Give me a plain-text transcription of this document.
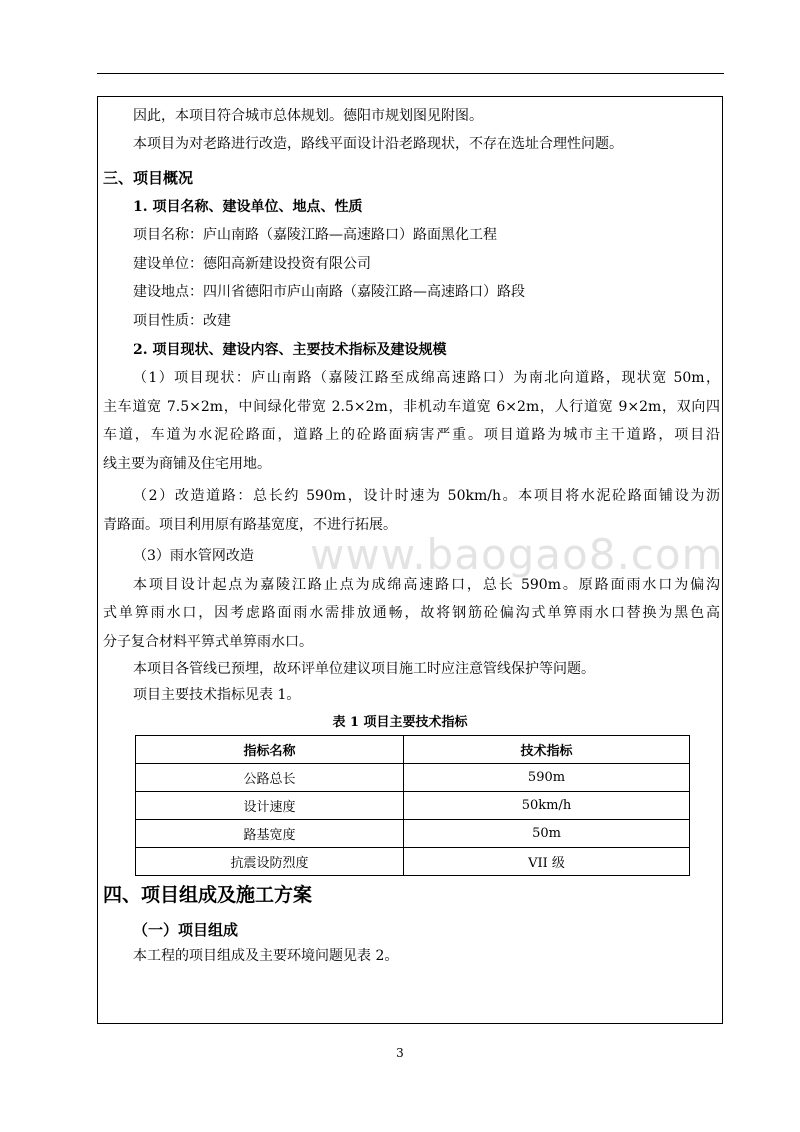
www.baogao8.com
因此，本项目符合城市总体规划。德阳市规划图见附图。
本项目为对老路进行改造，路线平面设计沿老路现状，不存在选址合理性问题。
三、项目概况
1. 项目名称、建设单位、地点、性质
项目名称：庐山南路（嘉陵江路—高速路口）路面黑化工程
建设单位：德阳高新建设投资有限公司
建设地点：四川省德阳市庐山南路（嘉陵江路—高速路口）路段
项目性质：改建
2. 项目现状、建设内容、主要技术指标及建设规模
（1）项目现状：庐山南路（嘉陵江路至成绵高速路口）为南北向道路，现状宽 50m，
主车道宽 7.5×2m，中间绿化带宽 2.5×2m，非机动车道宽 6×2m，人行道宽 9×2m，双向四
车道，车道为水泥砼路面，道路上的砼路面病害严重。项目道路为城市主干道路，项目沿
线主要为商铺及住宅用地。
（2）改造道路：总长约 590m，设计时速为 50km/h。本项目将水泥砼路面铺设为沥
青路面。项目利用原有路基宽度，不进行拓展。
（3）雨水管网改造
本项目设计起点为嘉陵江路止点为成绵高速路口，总长 590m。原路面雨水口为偏沟
式单箅雨水口，因考虑路面雨水需排放通畅，故将钢筋砼偏沟式单箅雨水口替换为黑色高
分子复合材料平箅式单箅雨水口。
本项目各管线已预埋，故环评单位建议项目施工时应注意管线保护等问题。
项目主要技术指标见表 1。
表 1 项目主要技术指标
指标名称	技术指标
公路总长	590m
设计速度	50km/h
路基宽度	50m
抗震设防烈度	VII 级
四、项目组成及施工方案
（一）项目组成
本工程的项目组成及主要环境问题见表 2。
3
